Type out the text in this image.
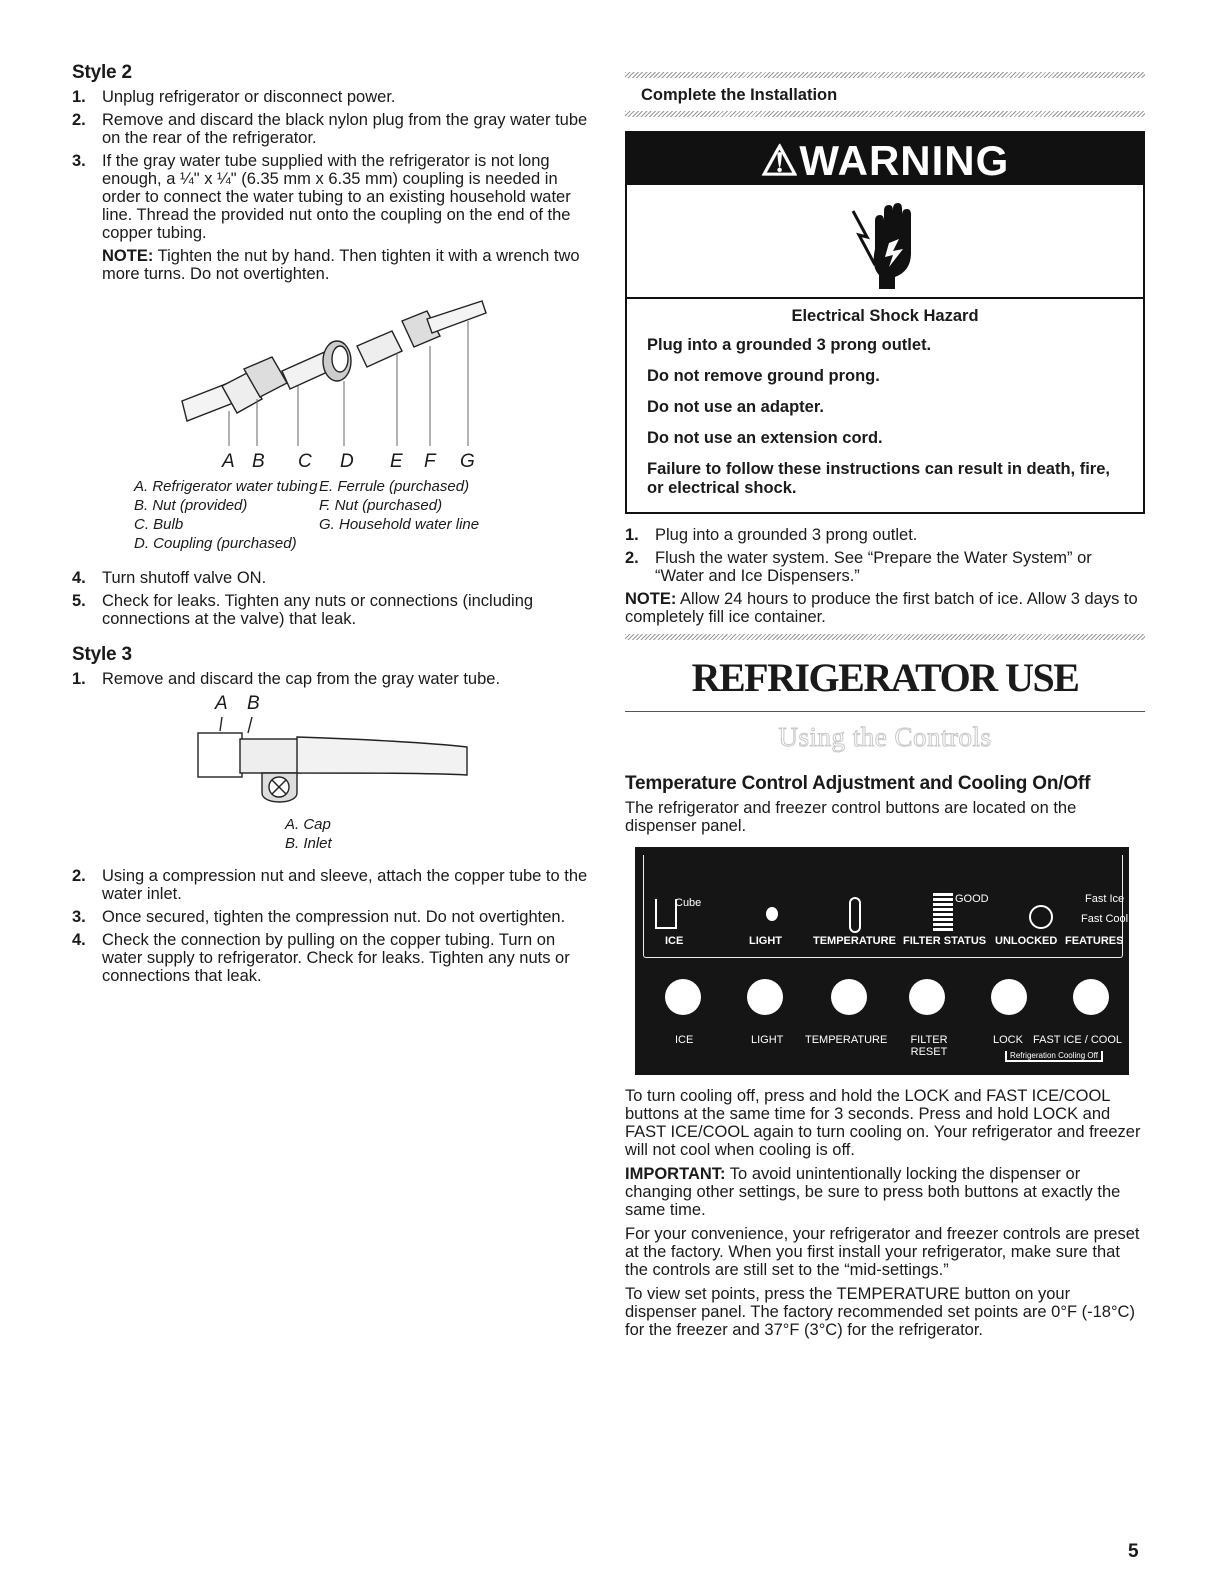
Style 2
1. Unplug refrigerator or disconnect power.
2. Remove and discard the black nylon plug from the gray water tube on the rear of the refrigerator.
3. If the gray water tube supplied with the refrigerator is not long enough, a ¼" x ¼" (6.35 mm x 6.35 mm) coupling is needed in order to connect the water tubing to an existing household water line. Thread the provided nut onto the coupling on the end of the copper tubing.

NOTE: Tighten the nut by hand. Then tighten it with a wrench two more turns. Do not overtighten.

A B C D E F G
A. Refrigerator water tubing E. Ferrule (purchased)
B. Nut (provided)	F. Nut (purchased)
C. Bulb	G. Household water line
D. Coupling (purchased)
4. Turn shutoff valve ON.
5. Check for leaks. Tighten any nuts or connections (including connections at the valve) that leak.
Style 3
1. Remove and discard the cap from the gray water tube.
A B
A. Cap
B. Inlet
2. Using a compression nut and sleeve, attach the copper tube to the water inlet.
3. Once secured, tighten the compression nut. Do not overtighten.
4. Check the connection by pulling on the copper tubing. Turn on water supply to refrigerator. Check for leaks. Tighten any nuts or connections that leak.
Complete the Installation
⚠WARNING
Electrical Shock Hazard
Plug into a grounded 3 prong outlet.
Do not remove ground prong.
Do not use an adapter.
Do not use an extension cord.
Failure to follow these instructions can result in death, fire, or electrical shock.
1. Plug into a grounded 3 prong outlet.
2. Flush the water system. See “Prepare the Water System” or “Water and Ice Dispensers.”

NOTE: Allow 24 hours to produce the first batch of ice. Allow 3 days to completely fill ice container.

REFRIGERATOR USE
Using the Controls
Temperature Control Adjustment and Cooling On/Off

The refrigerator and freezer control buttons are located on the dispenser panel.

Cube	GOOD	Fast Ice
Fast Cool
ICE	LIGHT	TEMPERATURE FILTER STATUS UNLOCKED FEATURES
ICE	LIGHT TEMPERATURE	FILTER RESET
LOCK FAST ICE / COOL
Refrigeration Cooling Off

To turn cooling off, press and hold the LOCK and FAST ICE/COOL buttons at the same time for 3 seconds. Press and hold LOCK and FAST ICE/COOL again to turn cooling on. Your refrigerator and freezer will not cool when cooling is off.

IMPORTANT: To avoid unintentionally locking the dispenser or changing other settings, be sure to press both buttons at exactly the same time.

For your convenience, your refrigerator and freezer controls are preset at the factory. When you first install your refrigerator, make sure that the controls are still set to the “mid-settings.”

To view set points, press the TEMPERATURE button on your dispenser panel. The factory recommended set points are 0°F (-18°C) for the freezer and 37°F (3°C) for the refrigerator.

5
